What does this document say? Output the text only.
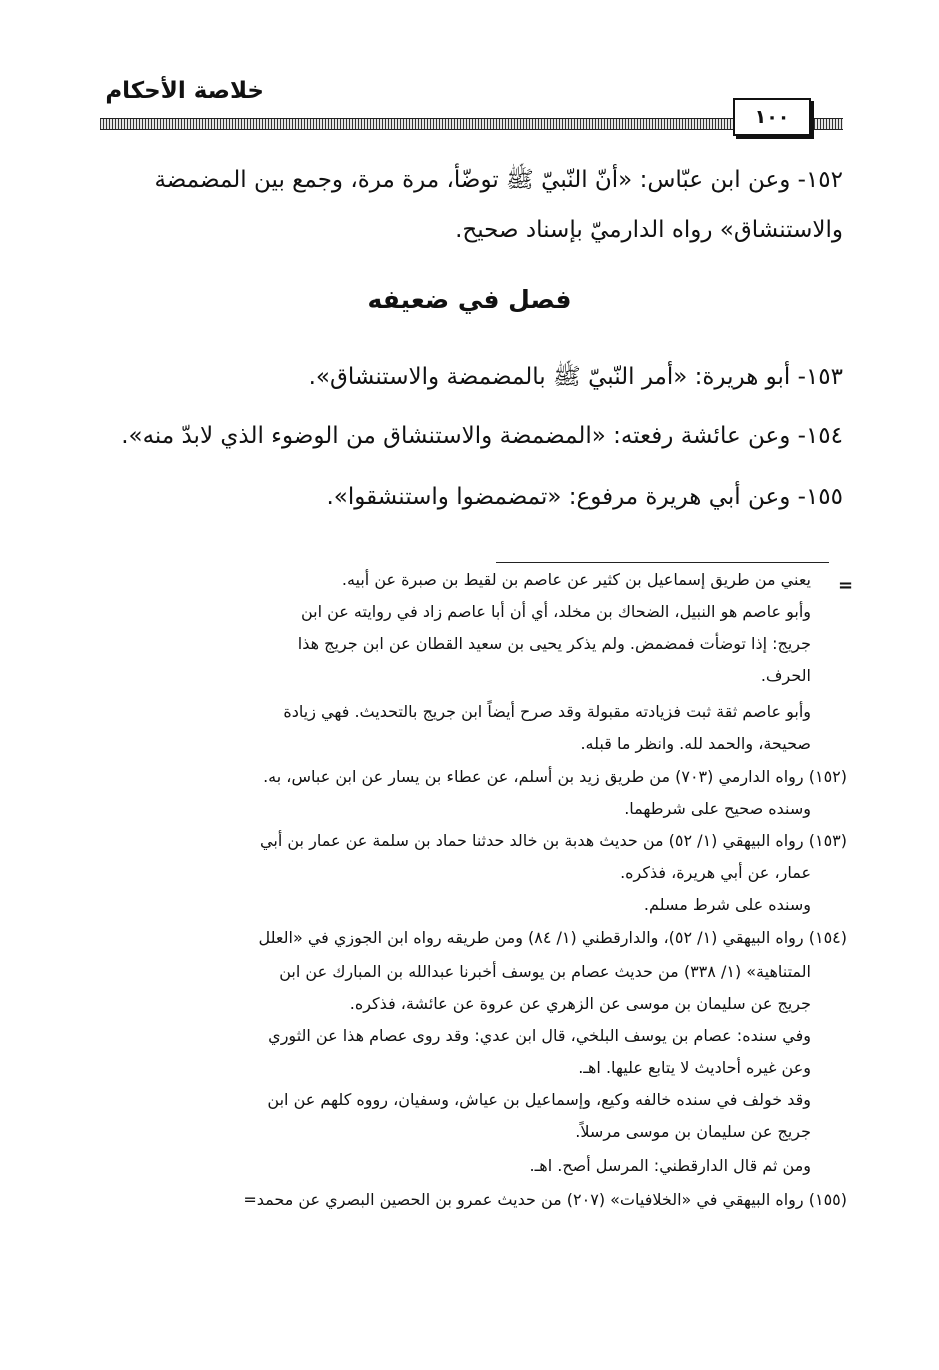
خلاصة الأحكام
١٠٠
١٥٢- وعن ابن عبّاس: «أنّ النّبيّ ﷺ توضّأ، مرة مرة، وجمع بين المضمضة
والاستنشاق» رواه الدارميّ بإسناد صحيح.
فصل في ضعيفه
١٥٣- أبو هريرة: «أمر النّبيّ ﷺ بالمضمضة والاستنشاق».
١٥٤- وعن عائشة رفعته: «المضمضة والاستنشاق من الوضوء الذي لابدّ منه».
١٥٥- وعن أبي هريرة مرفوع: «تمضمضوا واستنشقوا».
=
يعني من طريق إسماعيل بن كثير عن عاصم بن لقيط بن صبرة عن أبيه.
وأبو عاصم هو النبيل، الضحاك بن مخلد، أي أن أبا عاصم زاد في روايته عن ابن
جريج: إذا توضأت فمضمض. ولم يذكر يحيى بن سعيد القطان عن ابن جريج هذا
الحرف.
وأبو عاصم ثقة ثبت فزيادته مقبولة وقد صرح أيضاً ابن جريج بالتحديث. فهي زيادة
صحيحة، والحمد لله. وانظر ما قبله.
(١٥٢) رواه الدارمي (٧٠٣) من طريق زيد بن أسلم، عن عطاء بن يسار عن ابن عباس، به.
وسنده صحيح على شرطهما.
(١٥٣) رواه البيهقي (١/ ٥٢) من حديث هدبة بن خالد حدثنا حماد بن سلمة عن عمار بن أبي
عمار، عن أبي هريرة، فذكره.
وسنده على شرط مسلم.
(١٥٤) رواه البيهقي (١/ ٥٢)، والدارقطني (١/ ٨٤) ومن طريقه رواه ابن الجوزي في «العلل
المتناهية» (١/ ٣٣٨) من حديث عصام بن يوسف أخبرنا عبدالله بن المبارك عن ابن
جريج عن سليمان بن موسى عن الزهري عن عروة عن عائشة، فذكره.
وفي سنده: عصام بن يوسف البلخي، قال ابن عدي: وقد روى عصام هذا عن الثوري
وعن غيره أحاديث لا يتابع عليها. اهـ.
وقد خولف في سنده خالفه وكيع، وإسماعيل بن عياش، وسفيان، رووه كلهم عن ابن
جريج عن سليمان بن موسى مرسلاً.
ومن ثم قال الدارقطني: المرسل أصح. اهـ.
(١٥٥) رواه البيهقي في «الخلافيات» (٢٠٧) من حديث عمرو بن الحصين البصري عن محمد=
